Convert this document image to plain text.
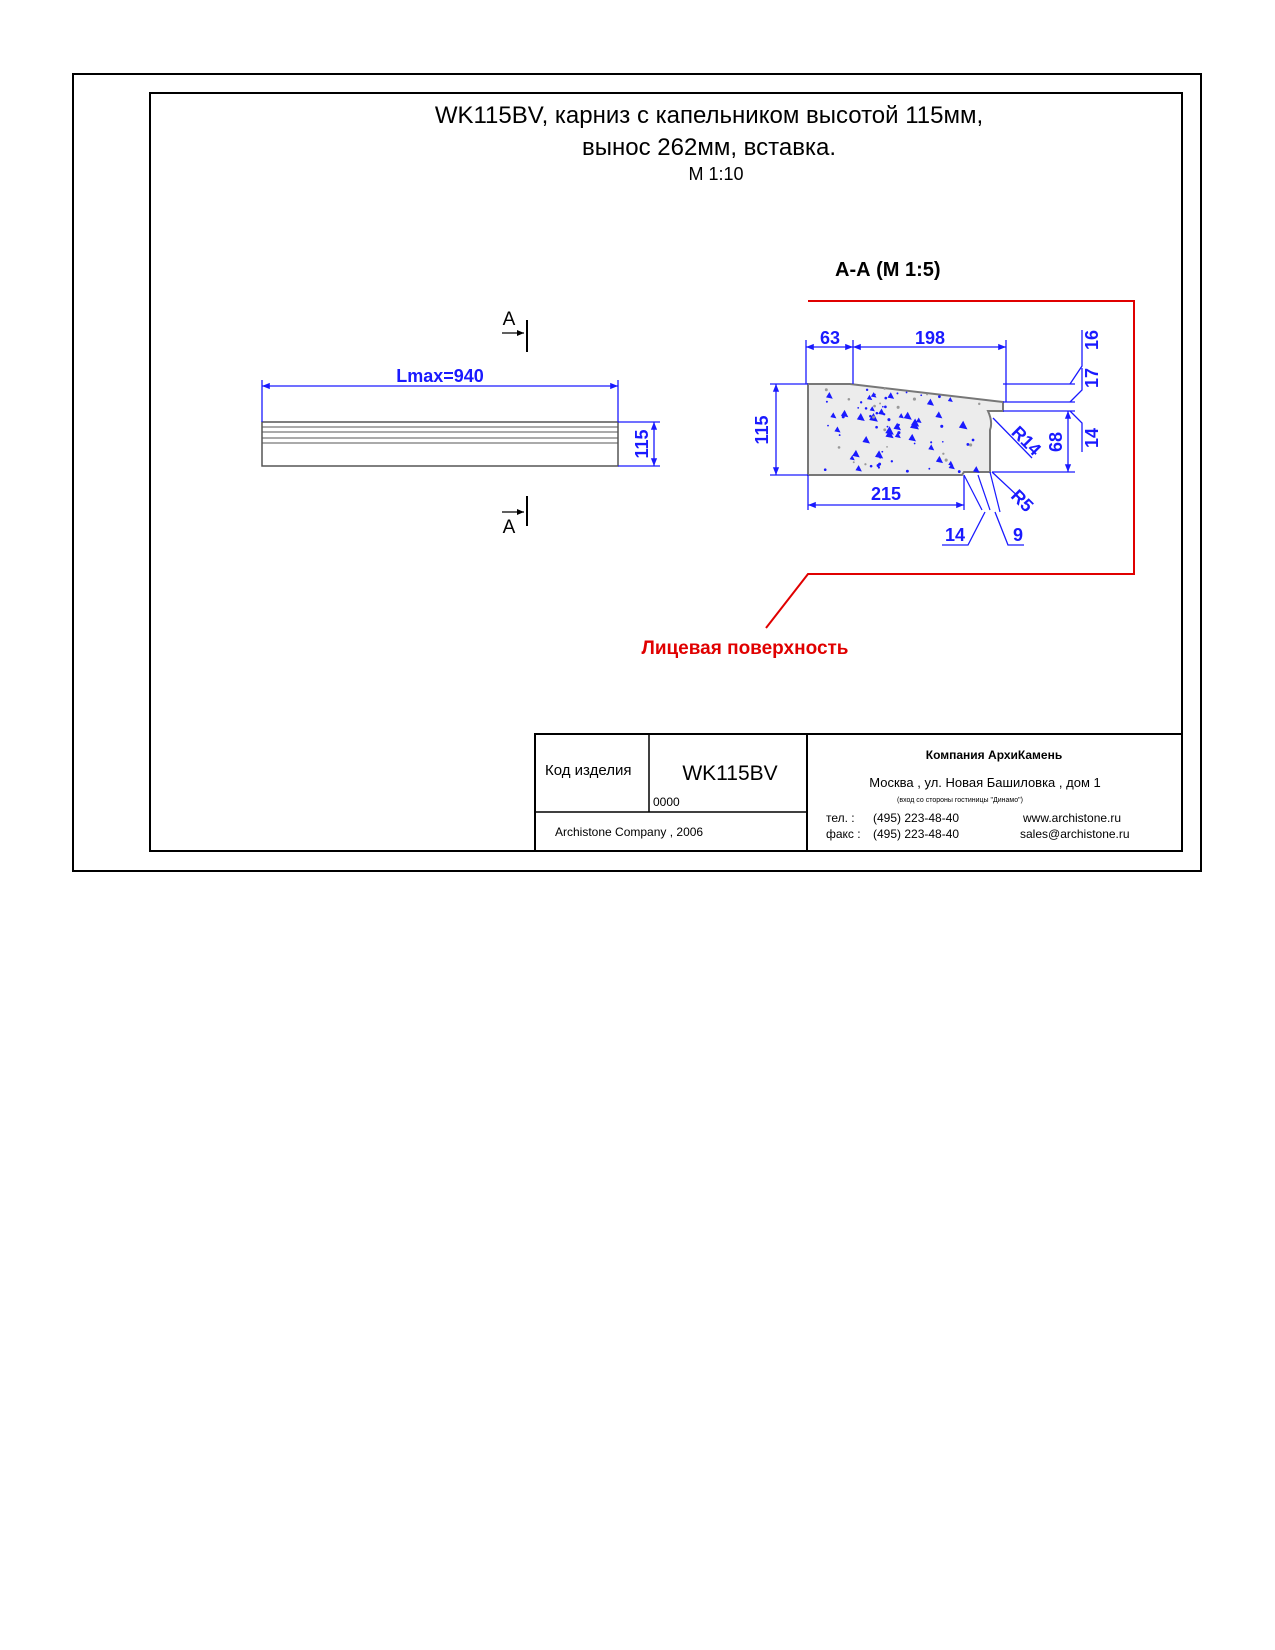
WK115BV, карниз с капельником высотой 115мм,
вынос 262мм, вставка.
М 1:10
Lmax=940
115
А
А
А-А (М 1:5)
Лицевая поверхность
63	198
115
215
14	9
R5
R14 68
16
17
14
Код изделия WK115BV
0000
Archistone Company , 2006
Компания АрхиКамень
Москва , ул. Новая Башиловка , дом 1
(вход со стороны гостиницы "Динамо")
тел. : (495) 223-48-40	www.archistone.ru
факс : (495) 223-48-40	sales@archistone.ru
